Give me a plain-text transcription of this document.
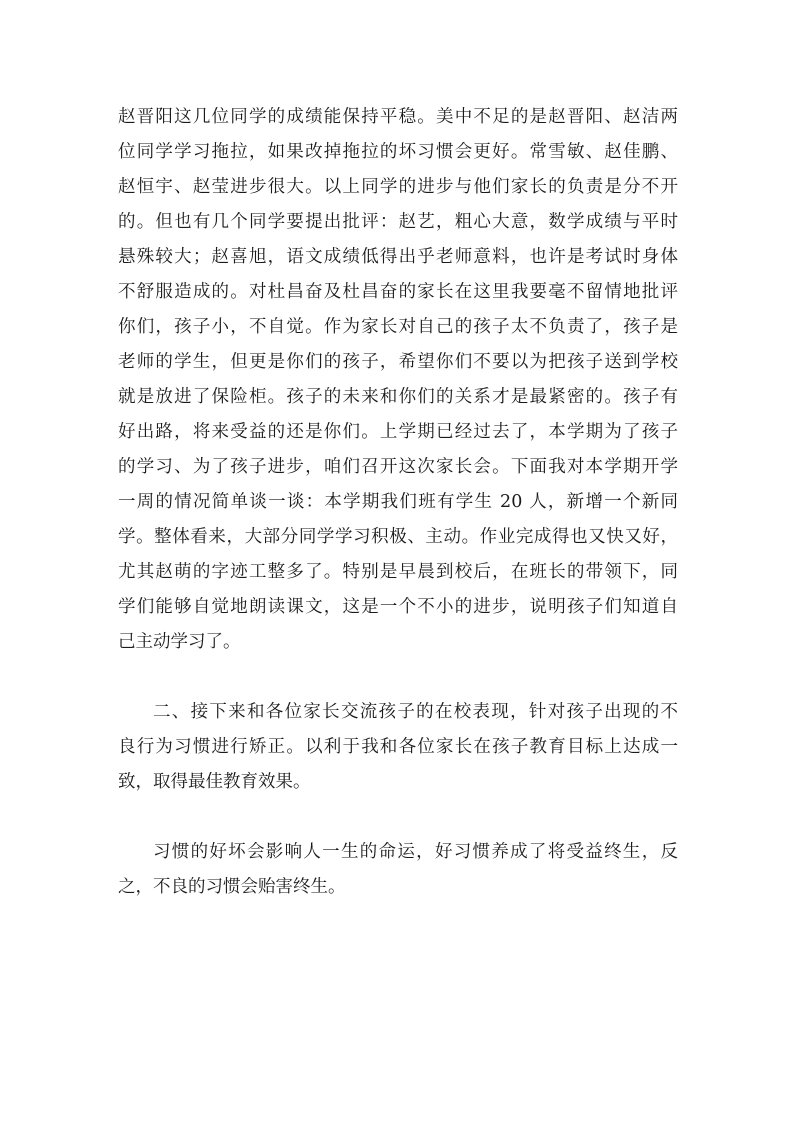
赵晋阳这几位同学的成绩能保持平稳。美中不足的是赵晋阳、赵洁两
位同学学习拖拉，如果改掉拖拉的坏习惯会更好。常雪敏、赵佳鹏、
赵恒宇、赵莹进步很大。以上同学的进步与他们家长的负责是分不开
的。但也有几个同学要提出批评：赵艺，粗心大意，数学成绩与平时
悬殊较大；赵喜旭，语文成绩低得出乎老师意料，也许是考试时身体
不舒服造成的。对杜昌奋及杜昌奋的家长在这里我要毫不留情地批评
你们，孩子小，不自觉。作为家长对自己的孩子太不负责了，孩子是
老师的学生，但更是你们的孩子，希望你们不要以为把孩子送到学校
就是放进了保险柜。孩子的未来和你们的关系才是最紧密的。孩子有
好出路，将来受益的还是你们。上学期已经过去了，本学期为了孩子
的学习、为了孩子进步，咱们召开这次家长会。下面我对本学期开学
一周的情况简单谈一谈：本学期我们班有学生 20 人，新增一个新同
学。整体看来，大部分同学学习积极、主动。作业完成得也又快又好，
尤其赵萌的字迹工整多了。特别是早晨到校后，在班长的带领下，同
学们能够自觉地朗读课文，这是一个不小的进步，说明孩子们知道自
己主动学习了。
二、接下来和各位家长交流孩子的在校表现，针对孩子出现的不
良行为习惯进行矫正。以利于我和各位家长在孩子教育目标上达成一
致，取得最佳教育效果。
习惯的好坏会影响人一生的命运，好习惯养成了将受益终生，反
之，不良的习惯会贻害终生。
